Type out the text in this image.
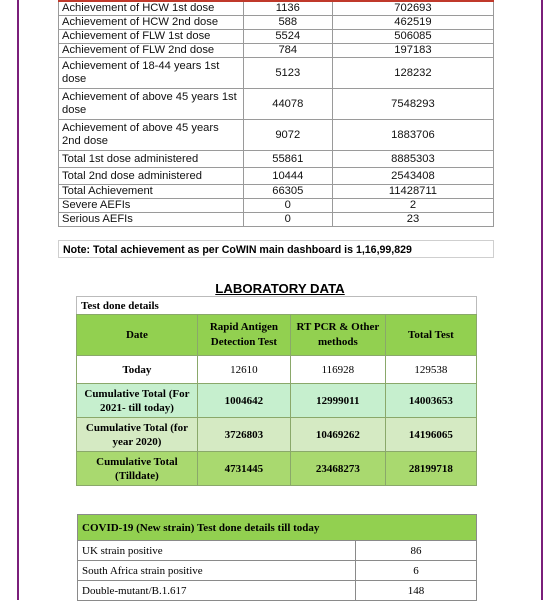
Achievement of HCW 1st dose	1136	702693
Achievement of HCW 2nd dose	588	462519
Achievement of FLW 1st dose	5524	506085
Achievement of FLW 2nd dose	784	197183
Achievement of 18-44 years 1st dose	5123	128232
Achievement of above 45 years 1st dose	44078	7548293
Achievement of above 45 years 2nd dose	9072	1883706
Total 1st dose administered	55861	8885303
Total 2nd dose administered	10444	2543408
Total Achievement	66305	11428711
Severe AEFIs	0	2
Serious AEFIs	0	23
Note: Total achievement as per CoWIN main dashboard is 1,16,99,829
LABORATORY DATA
Test done details
Date	Rapid Antigen Detection Test	RT PCR & Other methods	Total Test
Today	12610	116928	129538
Cumulative Total (For 2021- till today)	1004642	12999011	14003653
Cumulative Total (for year 2020)	3726803	10469262	14196065
Cumulative Total (Tilldate)	4731445	23468273	28199718
COVID-19 (New strain) Test done details till today	
UK strain positive	86
South Africa strain positive	6
Double-mutant/B.1.617	148
